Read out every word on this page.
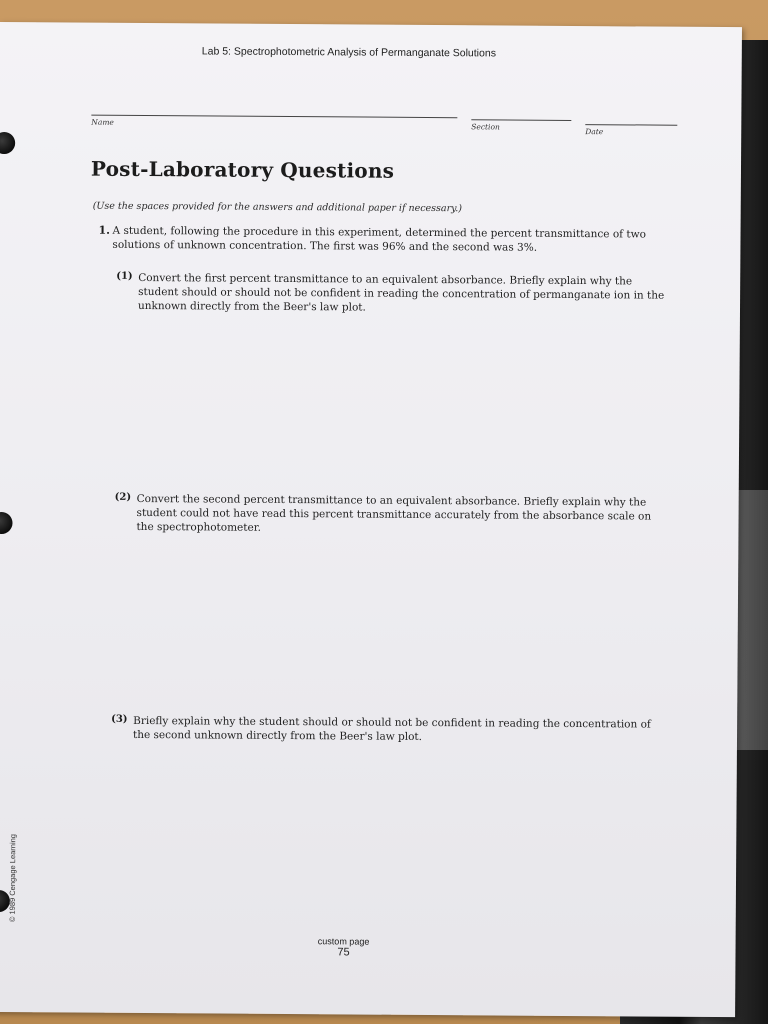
Lab 5: Spectrophotometric Analysis of Permanganate Solutions
Name
Section
Date
Post-Laboratory Questions
(Use the spaces provided for the answers and additional paper if necessary.)
1. A student, following the procedure in this experiment, determined the percent transmittance of two
solutions of unknown concentration. The first was 96% and the second was 3%.
(1) Convert the first percent transmittance to an equivalent absorbance. Briefly explain why the
student should or should not be confident in reading the concentration of permanganate ion in the
unknown directly from the Beer's law plot.
(2) Convert the second percent transmittance to an equivalent absorbance. Briefly explain why the
student could not have read this percent transmittance accurately from the absorbance scale on
the spectrophotometer.
(3) Briefly explain why the student should or should not be confident in reading the concentration of
the second unknown directly from the Beer's law plot.
© 1989 Cengage Learning
custom page
75
